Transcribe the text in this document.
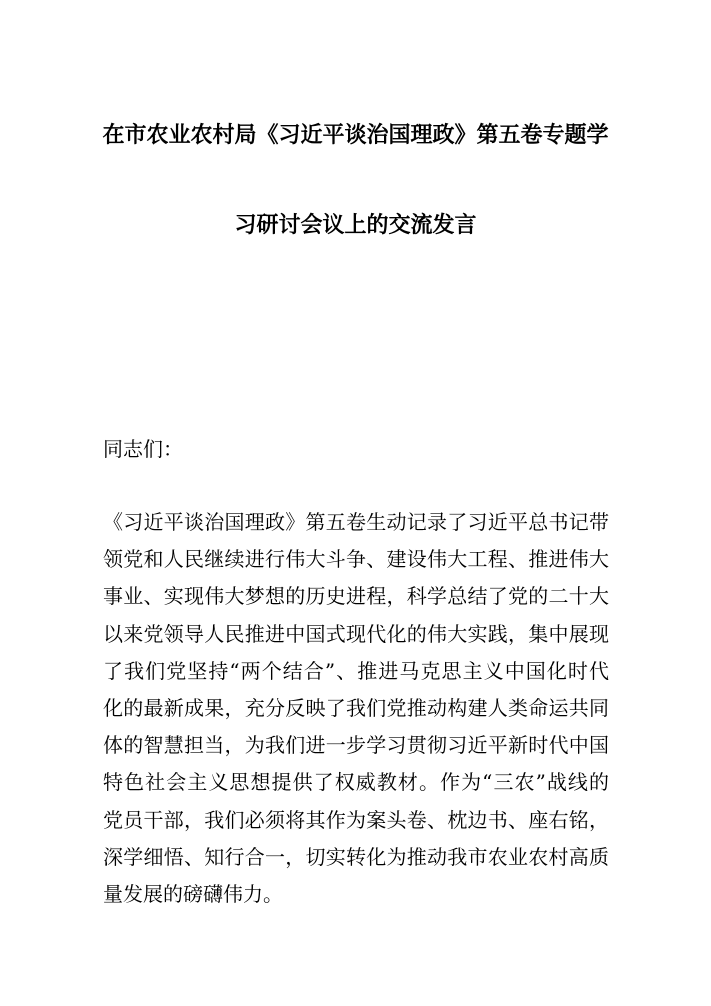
在市农业农村局《习近平谈治国理政》第五卷专题学
习研讨会议上的交流发言
同志们：
《习近平谈治国理政》第五卷生动记录了习近平总书记带
领党和人民继续进行伟大斗争、建设伟大工程、推进伟大
事业、实现伟大梦想的历史进程，科学总结了党的二十大
以来党领导人民推进中国式现代化的伟大实践，集中展现
了我们党坚持“两个结合”、推进马克思主义中国化时代
化的最新成果，充分反映了我们党推动构建人类命运共同
体的智慧担当，为我们进一步学习贯彻习近平新时代中国
特色社会主义思想提供了权威教材。作为“三农”战线的
党员干部，我们必须将其作为案头卷、枕边书、座右铭，
深学细悟、知行合一，切实转化为推动我市农业农村高质
量发展的磅礴伟力。
